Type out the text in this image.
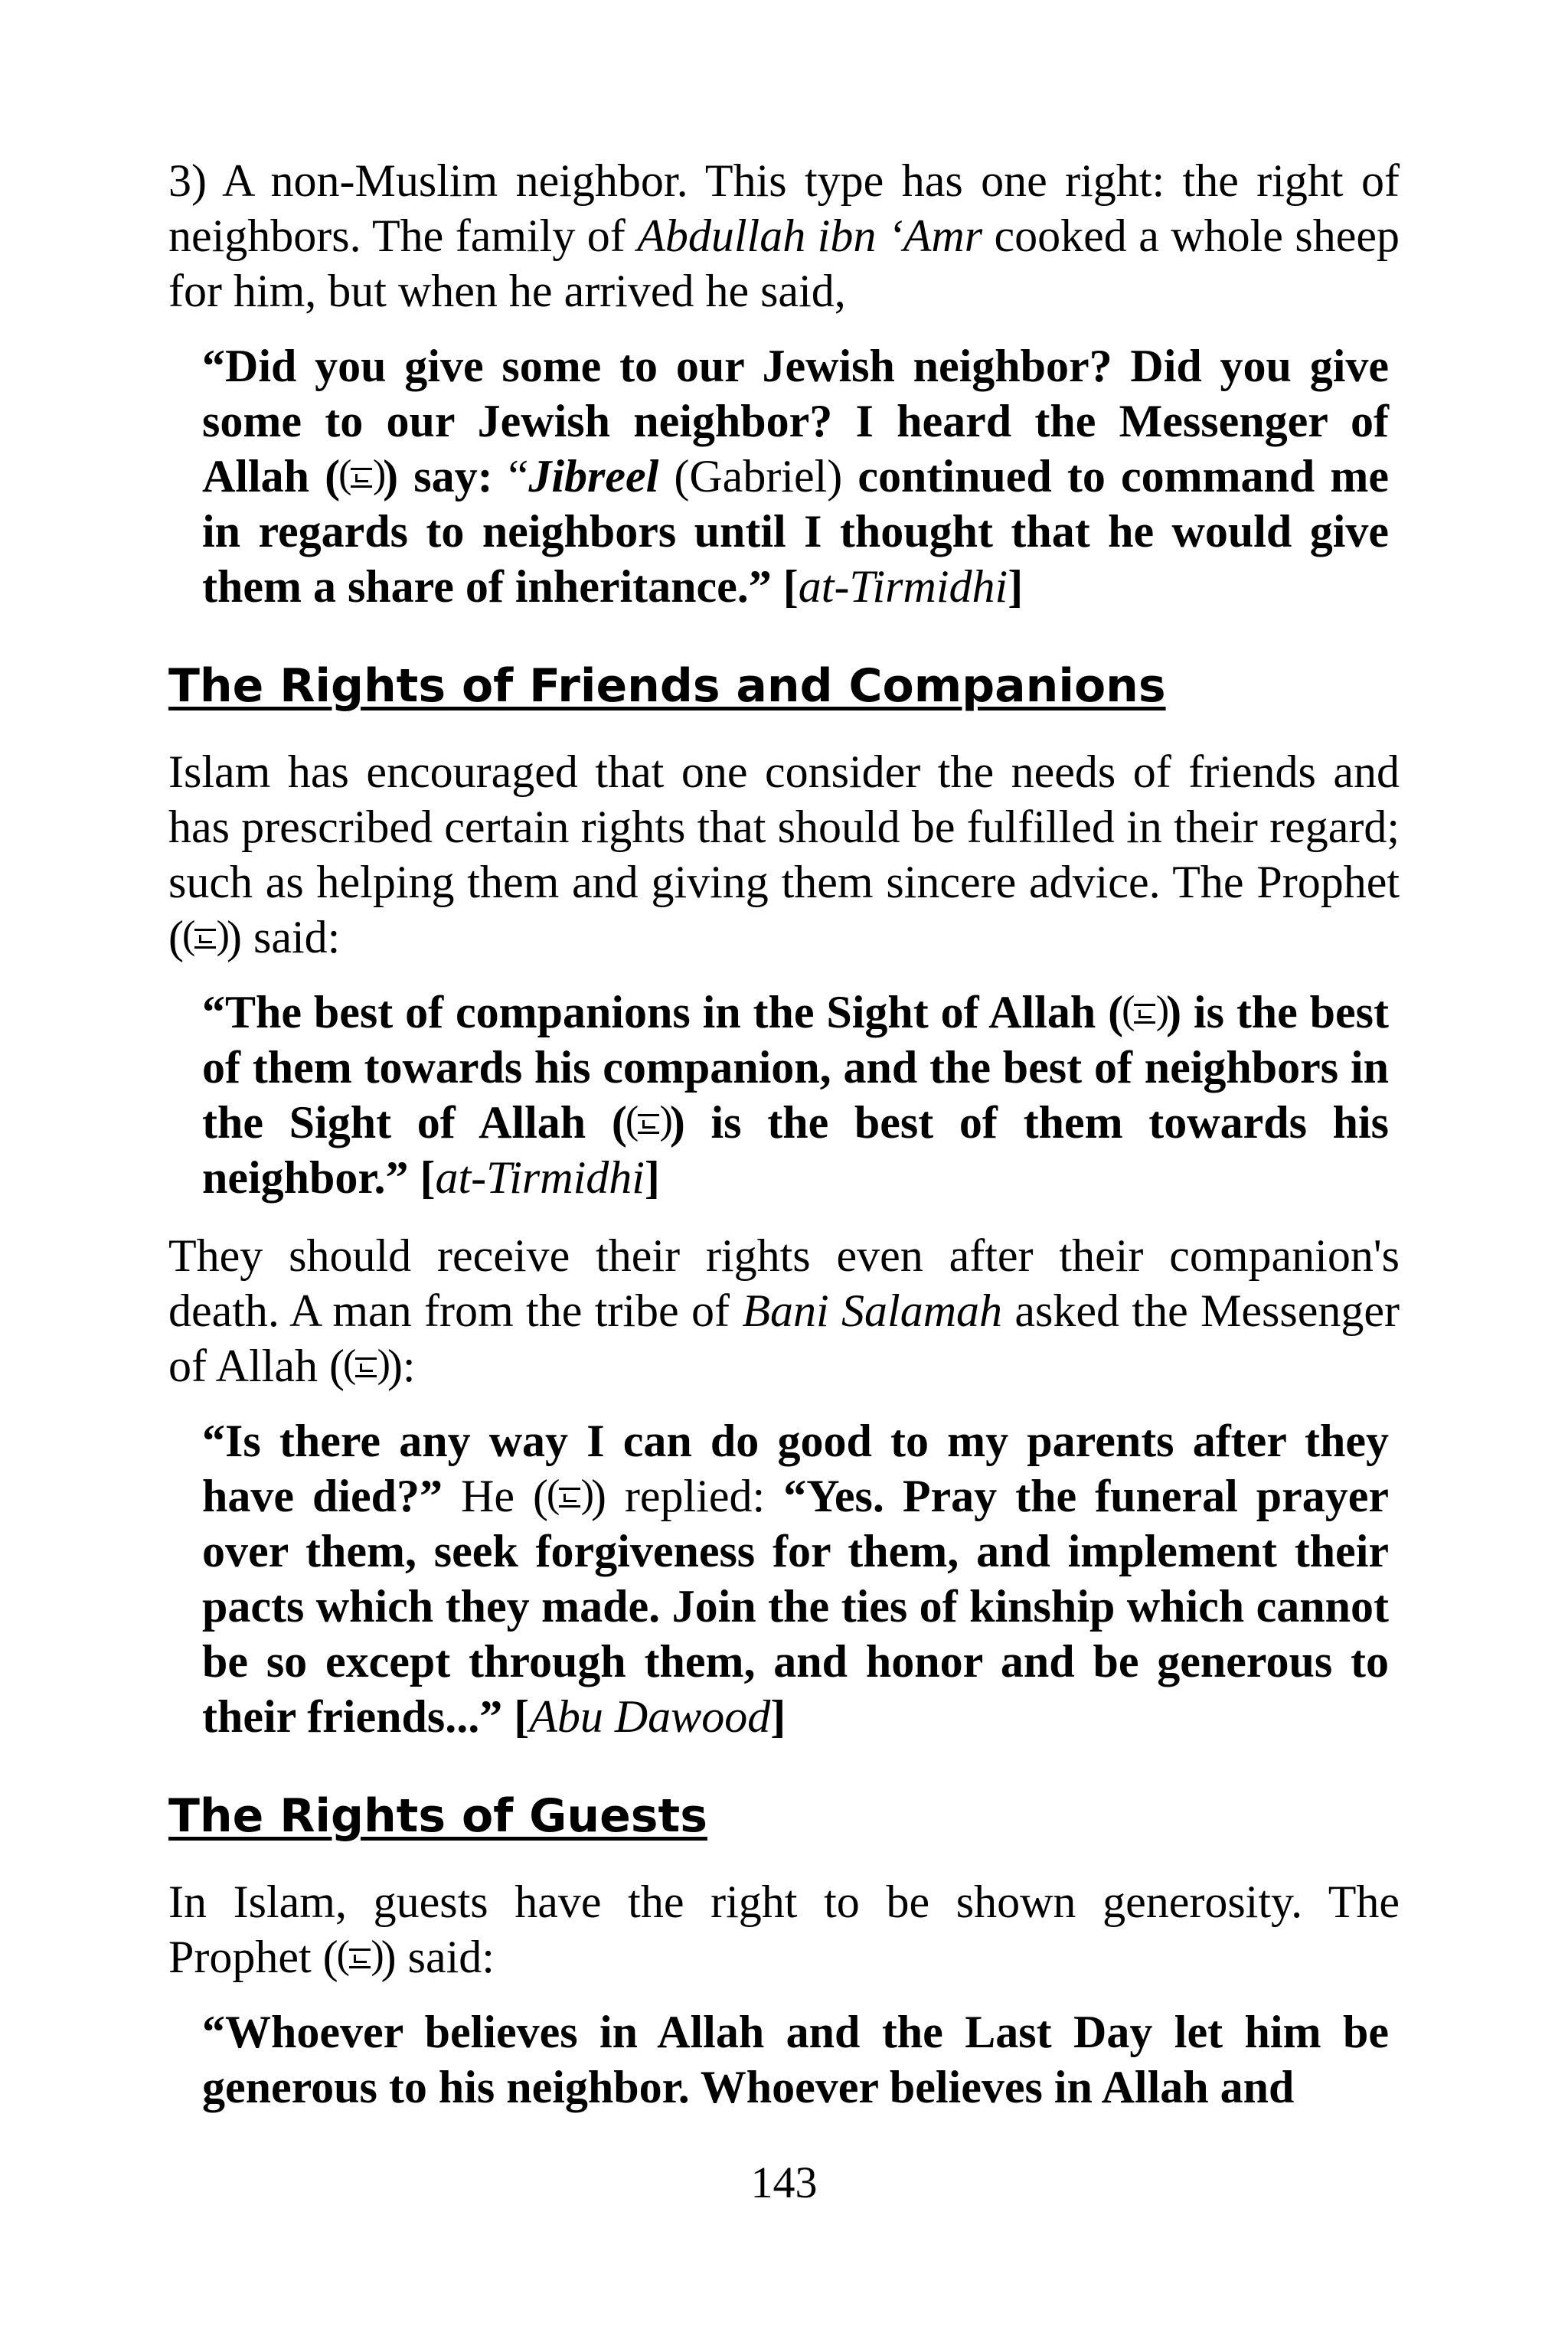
3) A non-Muslim neighbor. This type has one right: the right of neighbors. The family of Abdullah ibn ‘Amr cooked a whole sheep for him, but when he arrived he said,

“Did you give some to our Jewish neighbor? Did you give some to our Jewish neighbor? I heard the Messenger of Allah ( (
) ) say: “Jibreel (Gabriel) continued to command me in regards to neighbors until I thought that he would give them a share of inheritance.” [at-Tirmidhi]

The Rights of Friends and Companions

Islam has encouraged that one consider the needs of friends and has prescribed certain rights that should be fulfilled in their regard; such as helping them and giving them sincere advice. The Prophet ( (
) ) said:

“The best of companions in the Sight of Allah ( (
) ) is the best of them towards his companion, and the best of neighbors in the Sight of Allah ( (
) ) is the best of them towards his neighbor.” [at-Tirmidhi]

They should receive their rights even after their companion's death. A man from the tribe of Bani Salamah asked the Messenger of Allah ( (
) ):

“Is there any way I can do good to my parents after they have died?” He ( (
) ) replied: “Yes. Pray the funeral prayer over them, seek forgiveness for them, and implement their pacts which they made. Join the ties of kinship which cannot be so except through them, and honor and be generous to their friends...” [Abu Dawood]

The Rights of Guests

In Islam, guests have the right to be shown generosity. The Prophet ( (
) ) said:

“Whoever believes in Allah and the Last Day let him be generous to his neighbor. Whoever believes in Allah and

143
